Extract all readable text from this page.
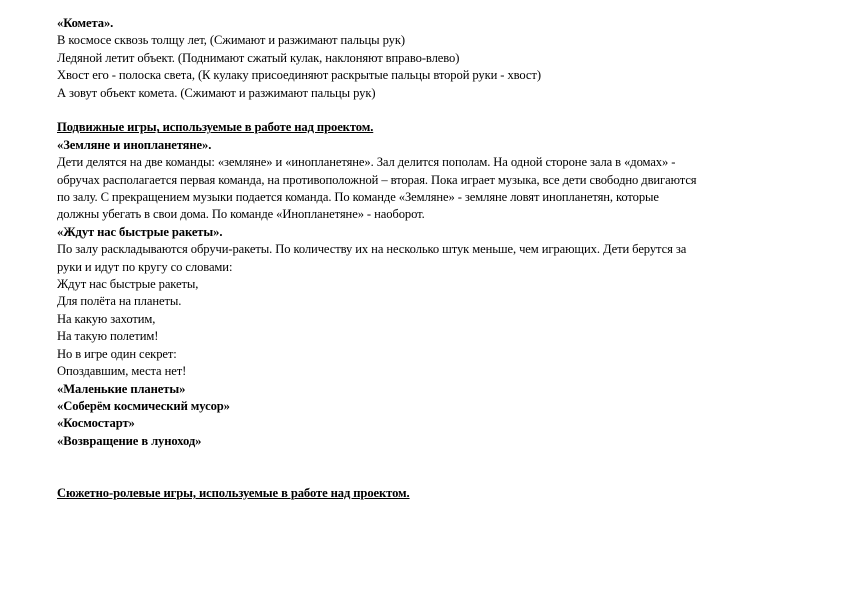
«Комета».
В космосе сквозь толщу лет, (Сжимают и разжимают пальцы рук)
Ледяной летит объект. (Поднимают сжатый кулак, наклоняют вправо-влево)
Хвост его - полоска света, (К кулаку присоединяют раскрытые пальцы второй руки - хвост)
А зовут объект комета. (Сжимают и разжимают пальцы рук)
Подвижные игры, используемые в работе над проектом.
«Земляне и инопланетяне».
Дети делятся на две команды: «земляне» и «инопланетяне». Зал делится пополам. На одной стороне зала в «домах» -
обручах располагается первая команда, на противоположной – вторая. Пока играет музыка, все дети свободно двигаются
по залу. С прекращением музыки подается команда. По команде «Земляне» - земляне ловят инопланетян, которые
должны убегать в свои дома. По команде «Инопланетяне» - наоборот.
«Ждут нас быстрые ракеты».
По залу раскладываются обручи-ракеты. По количеству их на несколько штук меньше, чем играющих. Дети берутся за
руки и идут по кругу со словами:
Ждут нас быстрые ракеты,
Для полёта на планеты.
На какую захотим,
На такую полетим!
Но в игре один секрет:
Опоздавшим, места нет!
«Маленькие планеты»
«Соберём космический мусор»
«Космостарт»
«Возвращение в луноход»
Сюжетно-ролевые игры, используемые в работе над проектом.
